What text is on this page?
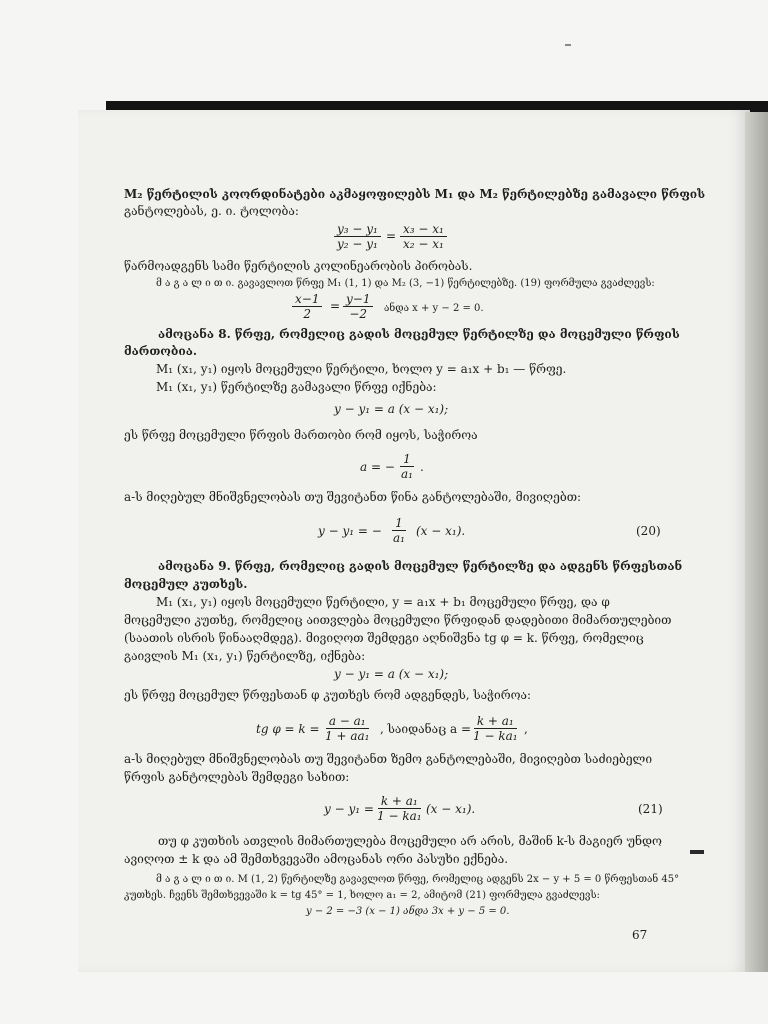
M₂ წერტილის კოორდინატები აკმაყოფილებს M₁ და M₂ წერტილებზე გამავალი წრფის
განტოლებას, ე. ი. ტოლობა:
$\frac{\text{y₃ − y₁}}{\text{y₂ − y₁}} = \frac{\text{x₃ − x₁}}{\text{x₂ − x₁}}$
წარმოადგენს სამი წერტილის კოლინეარობის პირობას.
მ ა გ ა ლ ი თ ი. გავავლოთ წრფე M₁ (1, 1) და M₂ (3, −1) წერტილებზე. (19) ფორმულა გვაძლევს:
$\frac{x-1}{2} = \frac{y-1}{-2}$ ანდა x + y − 2 = 0.
ამოცანა 8. წრფე, რომელიც გადის მოცემულ წერტილზე და მოცემული წრფის
მართობია.
M₁ (x₁, y₁) იყოს მოცემული წერტილი, ხოლო y = a₁x + b₁ — წრფე.
M₁ (x₁, y₁) წერტილზე გამავალი წრფე იქნება:
y − y₁ = a (x − x₁);
ეს წრფე მოცემული წრფის მართობი რომ იყოს, საჭიროა
a = − $\frac{1}{\text{a₁}}$ .
a-ს მიღებულ მნიშვნელობას თუ შევიტანთ წინა განტოლებაში, მივიღებთ:
y − y₁ = − $\frac{1}{\text{a₁}} (x - x_1)$.	(20)
ამოცანა 9. წრფე, რომელიც გადის მოცემულ წერტილზე და ადგენს წრფესთან
მოცემულ კუთხეს.
M₁ (x₁, y₁) იყოს მოცემული წერტილი, y = a₁x + b₁ მოცემული წრფე, და φ
მოცემული კუთხე, რომელიც აითვლება მოცემული წრფიდან დადებითი მიმართულებით
(საათის ისრის წინააღმდეგ). მივიღოთ შემდეგი აღნიშვნა tg φ = k. წრფე, რომელიც
გაივლის M₁ (x₁, y₁) წერტილზე, იქნება:
y − y₁ = a (x − x₁);
ეს წრფე მოცემულ წრფესთან φ კუთხეს რომ ადგენდეს, საჭიროა:
tg $\varphi = k = \frac{\text{a − a₁}}{\text{1 + aa₁}}$ , საიდანაც a =
$\frac{\text{k + a₁}}{\text{1 − ka₁}}$ ,
a-ს მიღებულ მნიშვნელობას თუ შევიტანთ ზემო განტოლებაში, მივიღებთ საძიებელი
წრფის განტოლებას შემდეგი სახით:
$y - y_1 = \frac{\text{k + a₁}}{\text{1 − ka₁}} (x - x_1)$.	(21)
თუ φ კუთხის ათვლის მიმართულება მოცემული არ არის, მაშინ k-ს მაგიერ უნდო
ავიღოთ ± k და ამ შემთხვევაში ამოცანას ორი პასუხი ექნება.
მ ა გ ა ლ ი თ ი. M (1, 2) წერტილზე გავავლოთ წრფე, რომელიც ადგენს 2x − y + 5 = 0 წრფესთან 45°
კუთხეს. ჩვენს შემთხვევაში k = tg 45° = 1, ხოლო a₁ = 2, ამიტომ (21) ფორმულა გვაძლევს:
y − 2 = −3 (x − 1) ანდა 3x + y − 5 = 0.
67
